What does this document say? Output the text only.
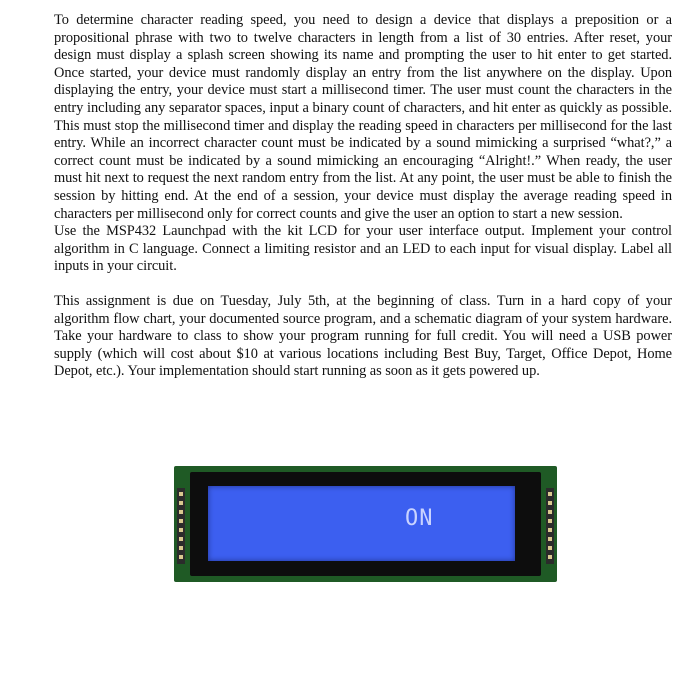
To determine character reading speed, you need to design a device that displays a preposition or a propositional phrase with two to twelve characters in length from a list of 30 entries. After reset, your design must display a splash screen showing its name and prompting the user to hit enter to get started. Once started, your device must randomly display an entry from the list anywhere on the display. Upon displaying the entry, your device must start a millisecond timer. The user must count the characters in the entry including any separator spaces, input a binary count of characters, and hit enter as quickly as possible. This must stop the millisecond timer and display the reading speed in characters per millisecond for the last entry. While an incorrect character count must be indicated by a sound mimicking a surprised “what?,” a correct count must be indicated by a sound mimicking an encouraging “Alright!.” When ready, the user must hit next to request the next random entry from the list. At any point, the user must be able to finish the session by hitting end. At the end of a session, your device must display the average reading speed in characters per millisecond only for correct counts and give the user an option to start a new session.

Use the MSP432 Launchpad with the kit LCD for your user interface output. Implement your control algorithm in C language. Connect a limiting resistor and an LED to each input for visual display. Label all inputs in your circuit.

This assignment is due on Tuesday, July 5th, at the beginning of class. Turn in a hard copy of your algorithm flow chart, your documented source program, and a schematic diagram of your system hardware. Take your hardware to class to show your program running for full credit. You will need a USB power supply (which will cost about $10 at various locations including Best Buy, Target, Office Depot, Home Depot, etc.). Your implementation should start running as soon as it gets powered up.

ON
